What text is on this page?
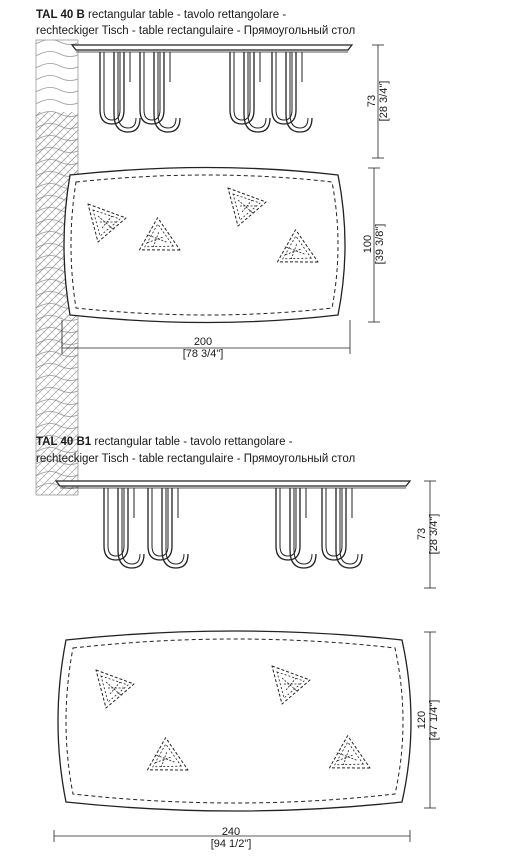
TAL 40 B rectangular table - tavolo rettangolare -
rechteckiger Tisch - table rectangulaire - Прямоугольный стол
73
[28 3/4"]
100
[39 3/8"]
200
[78 3/4"]
TAL 40 B1 rectangular table - tavolo rettangolare -
rechteckiger Tisch - table rectangulaire - Прямоугольный стол
73
[28 3/4"]
120
[47 1/4"]
240
[94 1/2"]
